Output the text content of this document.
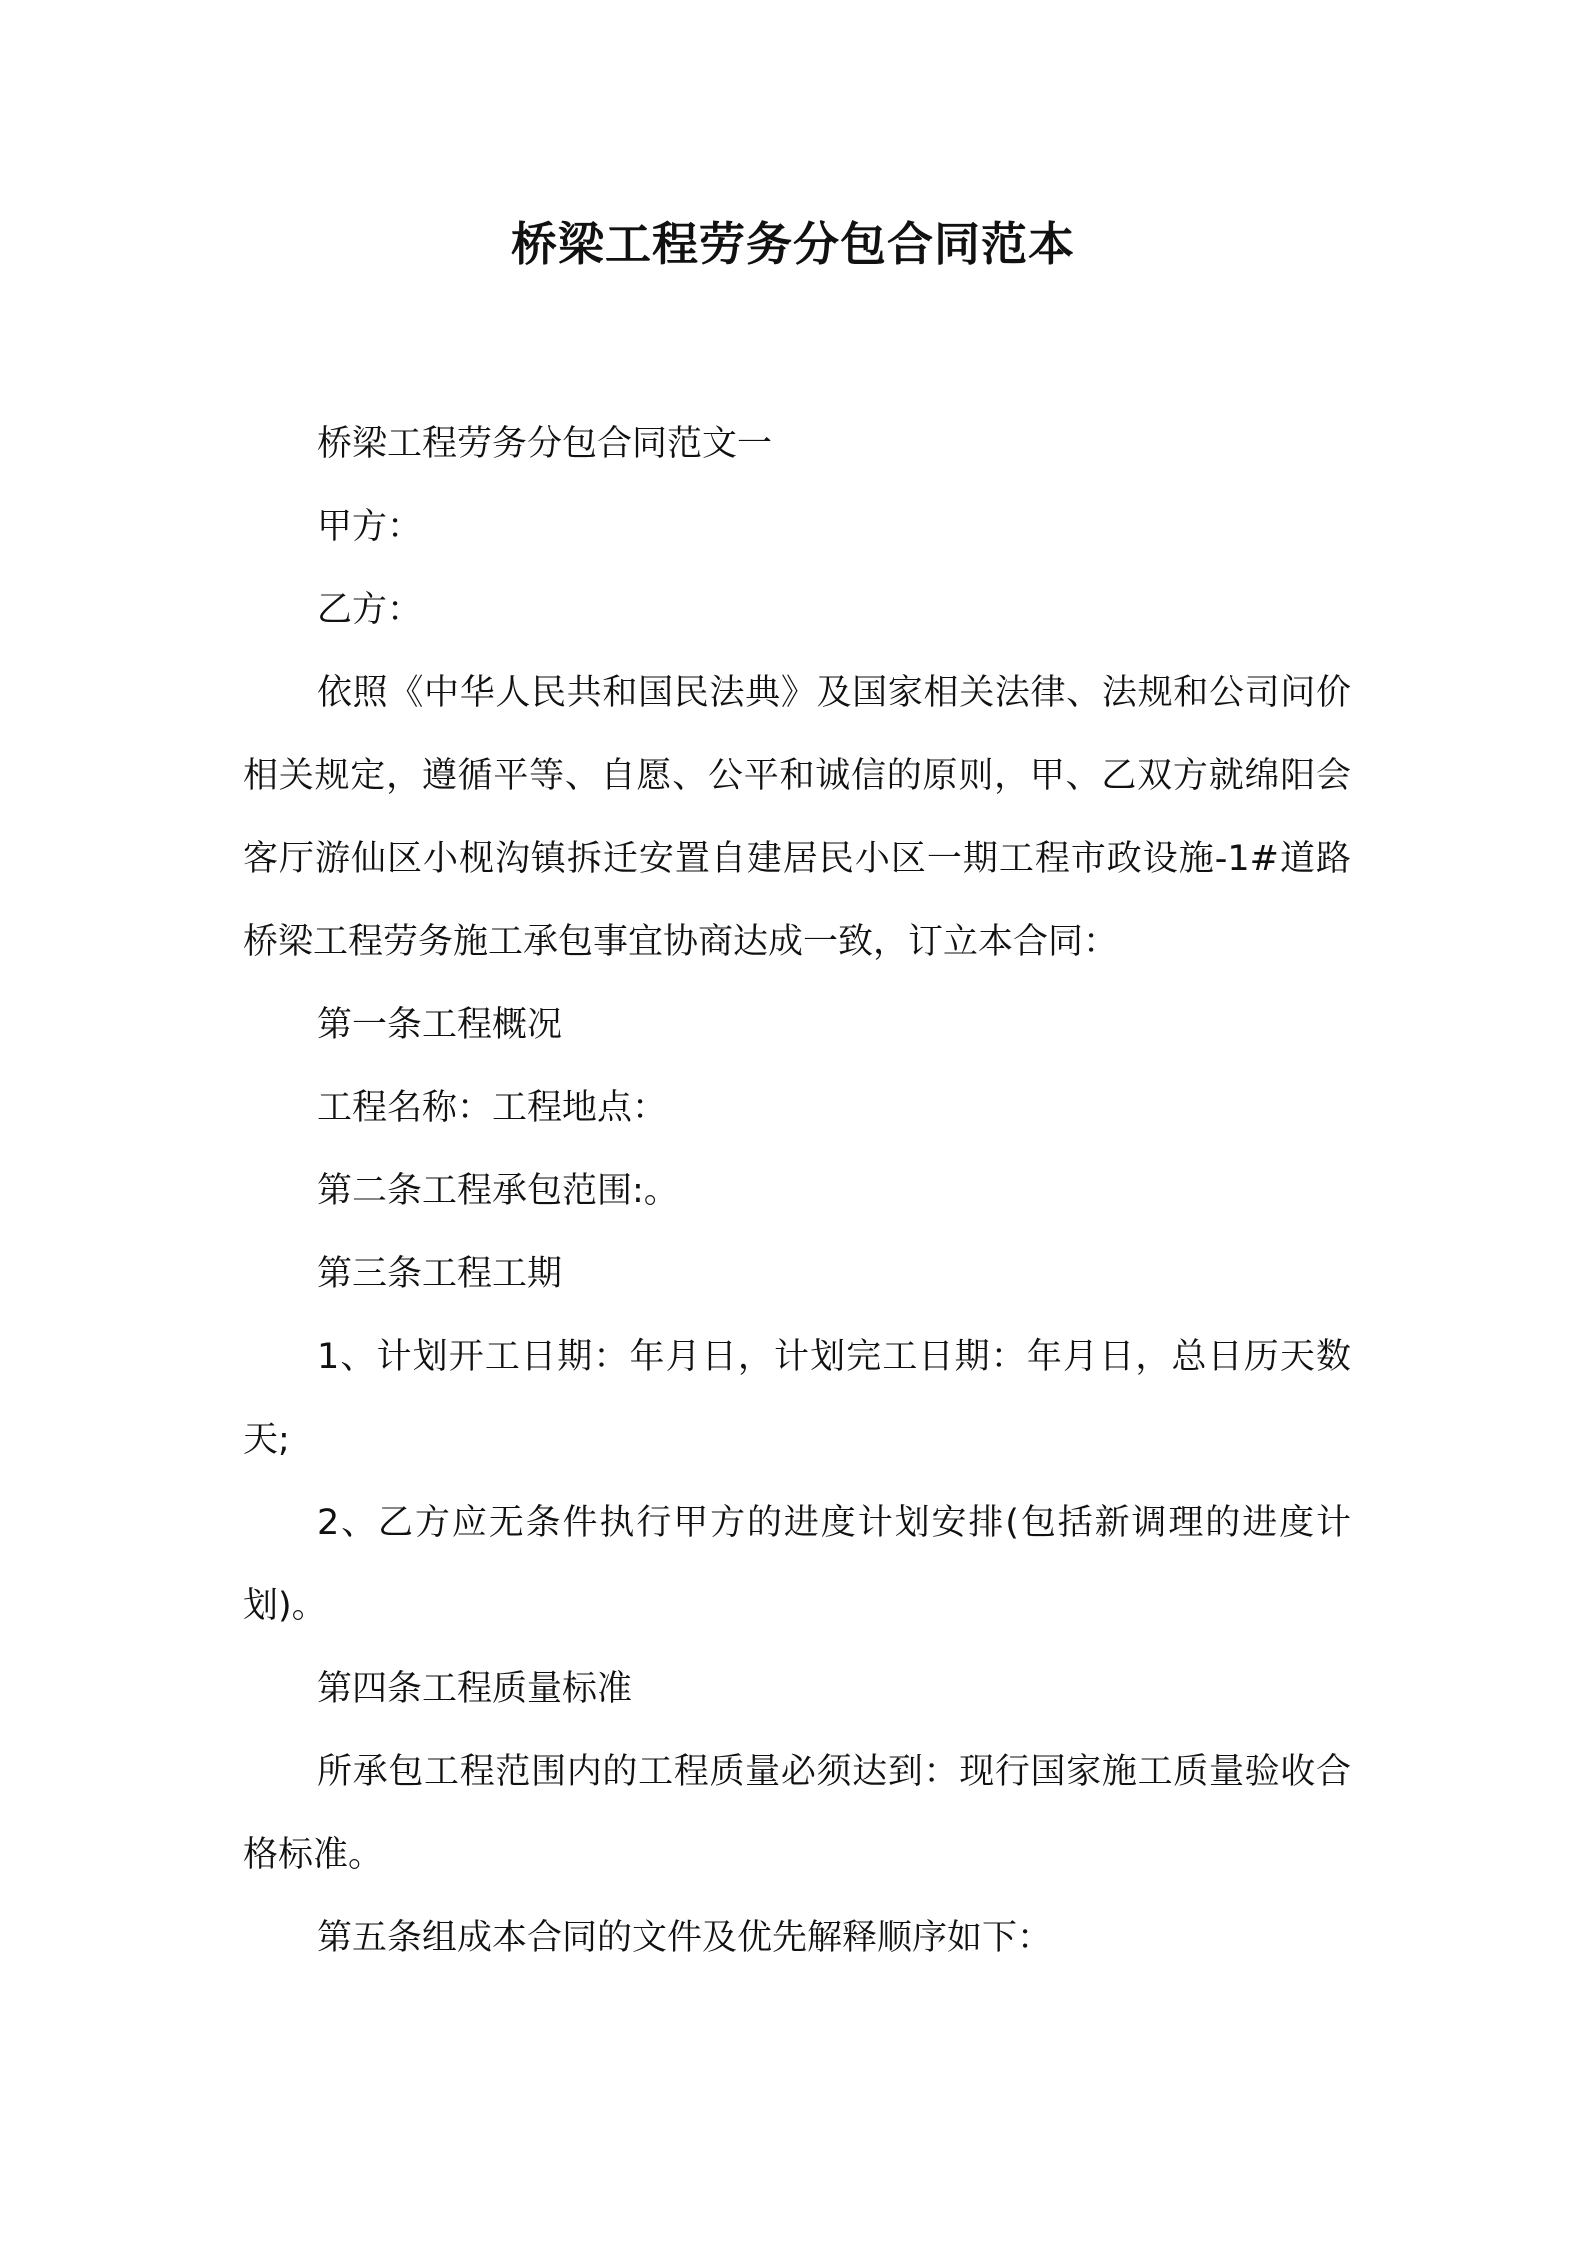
桥梁工程劳务分包合同范本

桥梁工程劳务分包合同范文一

甲方：

乙方：

依照《中华人民共和国民法典》及国家相关法律、法规和公司问价相关规定，遵循平等、自愿、公平和诚信的原则，甲、乙双方就绵阳会客厅游仙区小枧沟镇拆迁安置自建居民小区一期工程市政设施-1#道路桥梁工程劳务施工承包事宜协商达成一致，订立本合同：

第一条工程概况

工程名称：工程地点：

第二条工程承包范围:。

第三条工程工期

1、计划开工日期：年月日，计划完工日期：年月日，总日历天数天;

2、乙方应无条件执行甲方的进度计划安排(包括新调理的进度计划)。

第四条工程质量标准

所承包工程范围内的工程质量必须达到：现行国家施工质量验收合格标准。

第五条组成本合同的文件及优先解释顺序如下：
